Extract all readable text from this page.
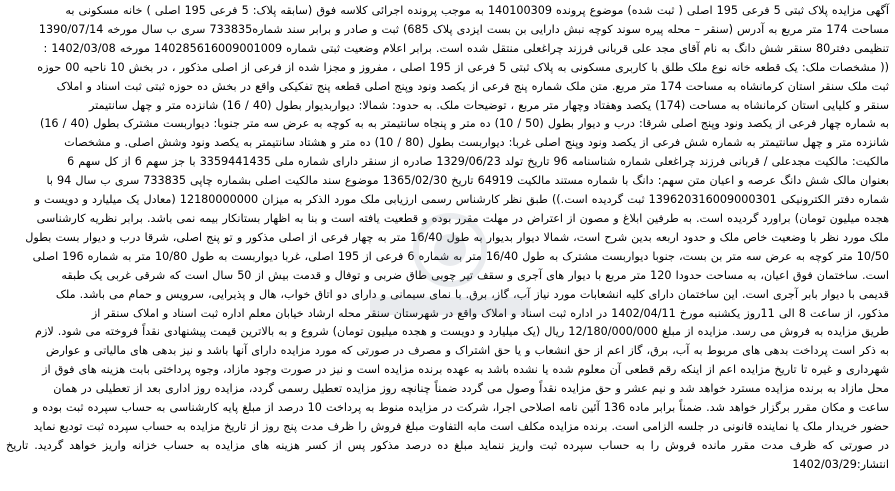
آگهی مزایده پلاک ثبتی 5 فرعی 195 اصلی ( ثبت شده) موضوع پرونده 140100309 به موجب پرونده اجرائی کلاسه فوق (سابقه پلاک: 5 فرعی 195 اصلی ) خانه مسکونی به

مساحت 174 متر مربع به آدرس (سنقر – محله پیره سوند کوچه نبش دارایی بن بست ایزدی پلاک 685) ثبت و صادر و برابر سند شماره733835 سری ب سال مورخه 1390/07/14

تنظیمی دفتر80 سنقر شش دانگ به نام آقای مجد علی قربانی فرزند چراغعلی منتقل شده است. برابر اعلام وضعیت ثبتی شماره 140285616009001009 مورخه 1402/03/08 :

(( مشخصات ملک: یک قطعه خانه نوع ملک طلق با کاربری مسکونی به پلاک ثبتی 5 فرعی از 195 اصلی ، مفروز و مجزا شده از فرعی از اصلی مذکور ، در بخش 10 ناحیه 00 حوزه

ثبت ملک سنقر استان کرمانشاه به مساحت 174 متر مربع. متن ملک شماره پنج فرعی از یکصد ونود وپنج اصلی قطعه پنج تفکیکی واقع در بخش ده حوزه ثبتی ثبت اسناد و املاک

سنقر و کلیایی استان کرمانشاه به مساحت (174) یکصد وهفتاد وچهار متر مربع ، توضیحات ملک. به حدود: شمالا: دیواربدیوار بطول (40 / 16) شانزده متر و چهل سانتیمتر

به شماره چهار فرعی از یکصد ونود وپنج اصلی شرقا: درب و دیوار بطول (50 / 10) ده متر و پنجاه سانتیمتر به به کوچه به عرض سه متر جنوبا: دیواربست مشترک بطول (40 / 16)

شانزده متر و چهل سانتیمتر به شماره شش فرعی از یکصد ونود وپنج اصلی غربا: دیواربست بطول (80 / 10) ده متر و هشتاد سانتیمتر به یکصد ونود وشش اصلی. و مشخصات

مالکیت: مالکیت مجدعلی / قربانی فرزند چراغعلی شماره شناسنامه 96 تاریخ تولد 1329/06/23 صادره از سنقر دارای شماره ملی 3359441435 با جز سهم 6 از کل سهم 6

بعنوان مالک شش دانگ عرصه و اعیان متن سهم: دانگ با شماره مستند مالکیت 64919 تاریخ 1365/02/30 موضوع سند مالکیت اصلی بشماره چاپی 733835 سری ب سال 94 با

شماره دفتر الکترونیکی 139620316009000301 ثبت گردیده است.)) طبق نظر کارشناس رسمی ارزیابی ملک مورد الذکر به میزان 12180000000 (معادل یک میلیارد و دویست و

هجده میلیون تومان) براورد گردیده است. به طرفین ابلاغ و مصون از اعتراض در مهلت مقرر بوده و قطعیت یافته است و بنا به اظهار بستانکار بیمه نمی باشد. برابر نظریه کارشناسی

ملک مورد نظر با وضعیت خاص ملک و حدود اربعه بدین شرح است، شمالا دیوار بدیوار به طول 16/40 متر به چهار فرعی از اصلی مذکور و تو پنج اصلی، شرقا درب و دیوار بست بطول

10/50 متر کوچه به عرض سه متر بن بست، جنوبا دیواربست مشترک به طول 16/40 متر به شماره 6 فرعی از 195 اصلی، غربا دیواربست به طول 10/80 متر به شماره 196 اصلی

است. ساختمان فوق اعیان، به مساحت حدودا 120 متر مربع با دیوار های آجری و سقف تیر چوبی طاق ضربی و توفال و قدمت بیش از 50 سال است که شرقی غربی یک طبقه

قدیمی با دیوار بابر آجری است. این ساختمان دارای کلیه انشعابات مورد نیاز آب، گاز، برق. با نمای سیمانی و دارای دو اتاق خواب، هال و پذیرایی، سرویس و حمام می باشد. ملک

مذکور، از ساعت 8 الی 11روز یکشنبه مورخ 1402/04/11 در اداره ثبت اسناد و املاک واقع در شهرستان سنقر محله ارشاد خیابان معلم اداره ثبت اسناد و املاک سنقر از

طریق مزایده به فروش می رسد. مزایده از مبلغ 12/180/000/000 ریال (یک میلیارد و دویست و هجده میلیون تومان) شروع و به بالاترین قیمت پیشنهادی نقداً فروخته می شود. لازم

به ذکر است پرداخت بدهی های مربوط به آب، برق، گاز اعم از حق انشعاب و یا حق اشتراک و مصرف در صورتی که مورد مزایده دارای آنها باشد و نیز بدهی های مالیاتی و عوارض

شهرداری و غیره تا تاریخ مزایده اعم از اینکه رقم قطعی آن معلوم شده یا نشده باشد به عهده برنده مزایده است و نیز در صورت وجود مازاد، وجوه پرداختی بابت هزینه های فوق از

محل مازاد به برنده مزایده مسترد خواهد شد و نیم عشر و حق مزایده نقداً وصول می گردد ضمناً چنانچه روز مزایده تعطیل رسمی گردد، مزایده روز اداری بعد از تعطیلی در همان

ساعت و مکان مقرر برگزار خواهد شد. ضمناً برابر ماده 136 آئین نامه اصلاحی اجرا، شرکت در مزایده منوط به پرداخت 10 درصد از مبلغ پایه کارشناسی به حساب سپرده ثبت بوده و

حضور خریدار ملک یا نماینده قانونی در جلسه الزامی است. برنده مزایده مکلف است مابه التفاوت مبلغ فروش را ظرف مدت پنج روز از تاریخ مزایده به حساب سپرده ثبت تودیع نماید

در صورتی که ظرف مدت مقرر مانده فروش را به حساب سپرده ثبت واریز ننماید مبلغ ده درصد مذکور پس از کسر هزینه های مزایده به حساب خزانه واریز خواهد گردید. تاریخ انتشار:1402/03/29
